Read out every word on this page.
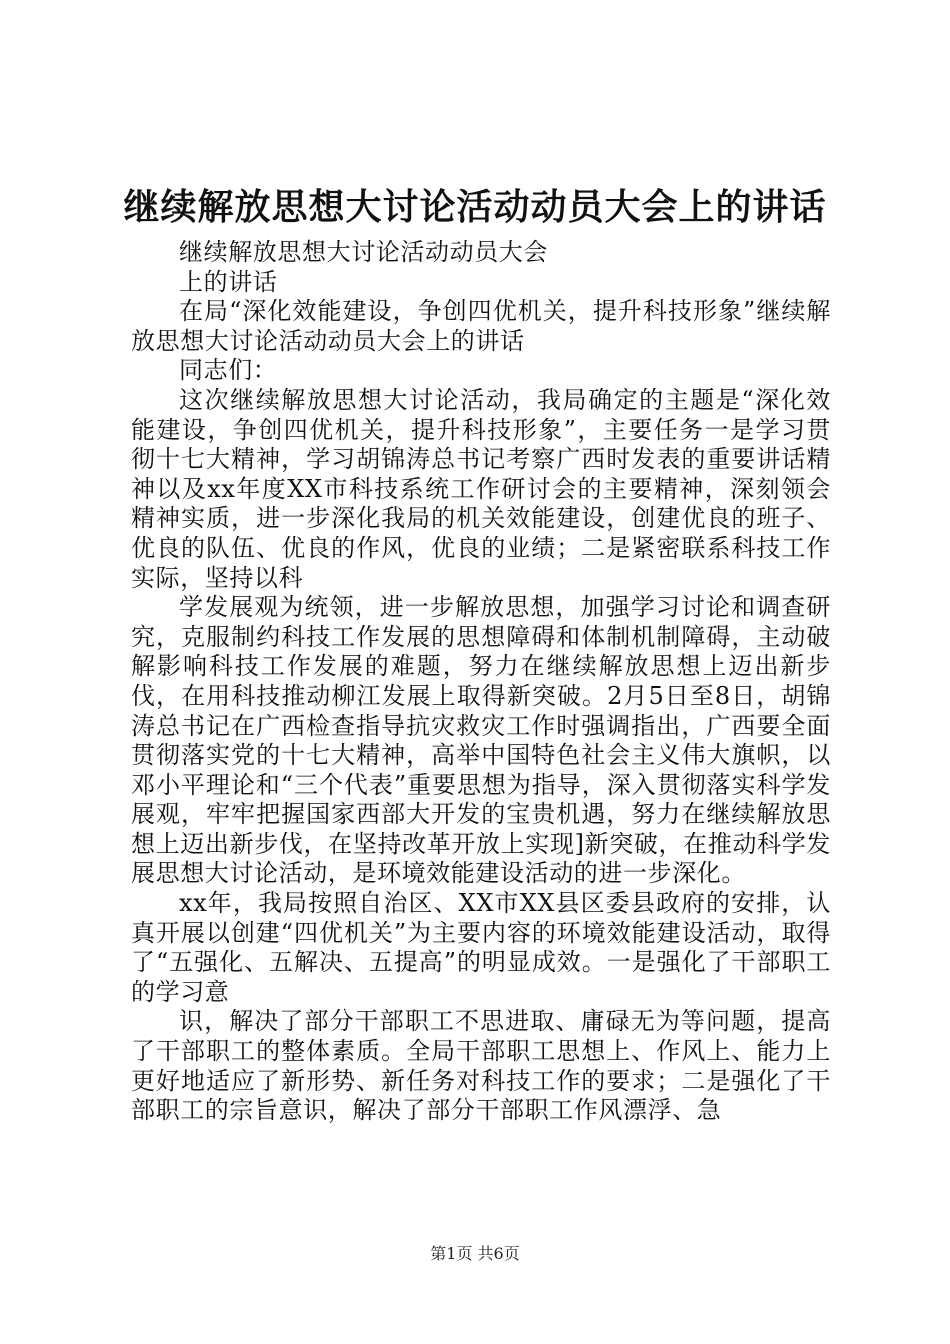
继续解放思想大讨论活动动员大会上的讲话

继续解放思想大讨论活动动员大会

上的讲话

在局“深化效能建设，争创四优机关，提升科技形象”继续解放思想大讨论活动动员大会上的讲话

同志们：

这次继续解放思想大讨论活动，我局确定的主题是“深化效能建设，争创四优机关，提升科技形象”，主要任务一是学习贯彻十七大精神，学习胡锦涛总书记考察广西时发表的重要讲话精神以及xx年度XX市科技系统工作研讨会的主要精神，深刻领会精神实质，进一步深化我局的机关效能建设，创建优良的班子、优良的队伍、优良的作风，优良的业绩；二是紧密联系科技工作实际，坚持以科

学发展观为统领，进一步解放思想，加强学习讨论和调查研究，克服制约科技工作发展的思想障碍和体制机制障碍，主动破解影响科技工作发展的难题，努力在继续解放思想上迈出新步伐，在用科技推动柳江发展上取得新突破。2月5日至8日，胡锦涛总书记在广西检查指导抗灾救灾工作时强调指出，广西要全面贯彻落实党的十七大精神，高举中国特色社会主义伟大旗帜，以邓小平理论和“三个代表”重要思想为指导，深入贯彻落实科学发展观，牢牢把握国家西部大开发的宝贵机遇，努力在继续解放思想上迈出新步伐，在坚持改革开放上实现]新突破，在推动科学发展思想大讨论活动，是环境效能建设活动的进一步深化。

xx年，我局按照自治区、XX市XX县区委县政府的安排，认真开展以创建“四优机关”为主要内容的环境效能建设活动，取得了“五强化、五解决、五提高”的明显成效。一是强化了干部职工的学习意

识，解决了部分干部职工不思进取、庸碌无为等问题，提高了干部职工的整体素质。全局干部职工思想上、作风上、能力上更好地适应了新形势、新任务对科技工作的要求；二是强化了干部职工的宗旨意识，解决了部分干部职工作风漂浮、急

第1页 共6页
